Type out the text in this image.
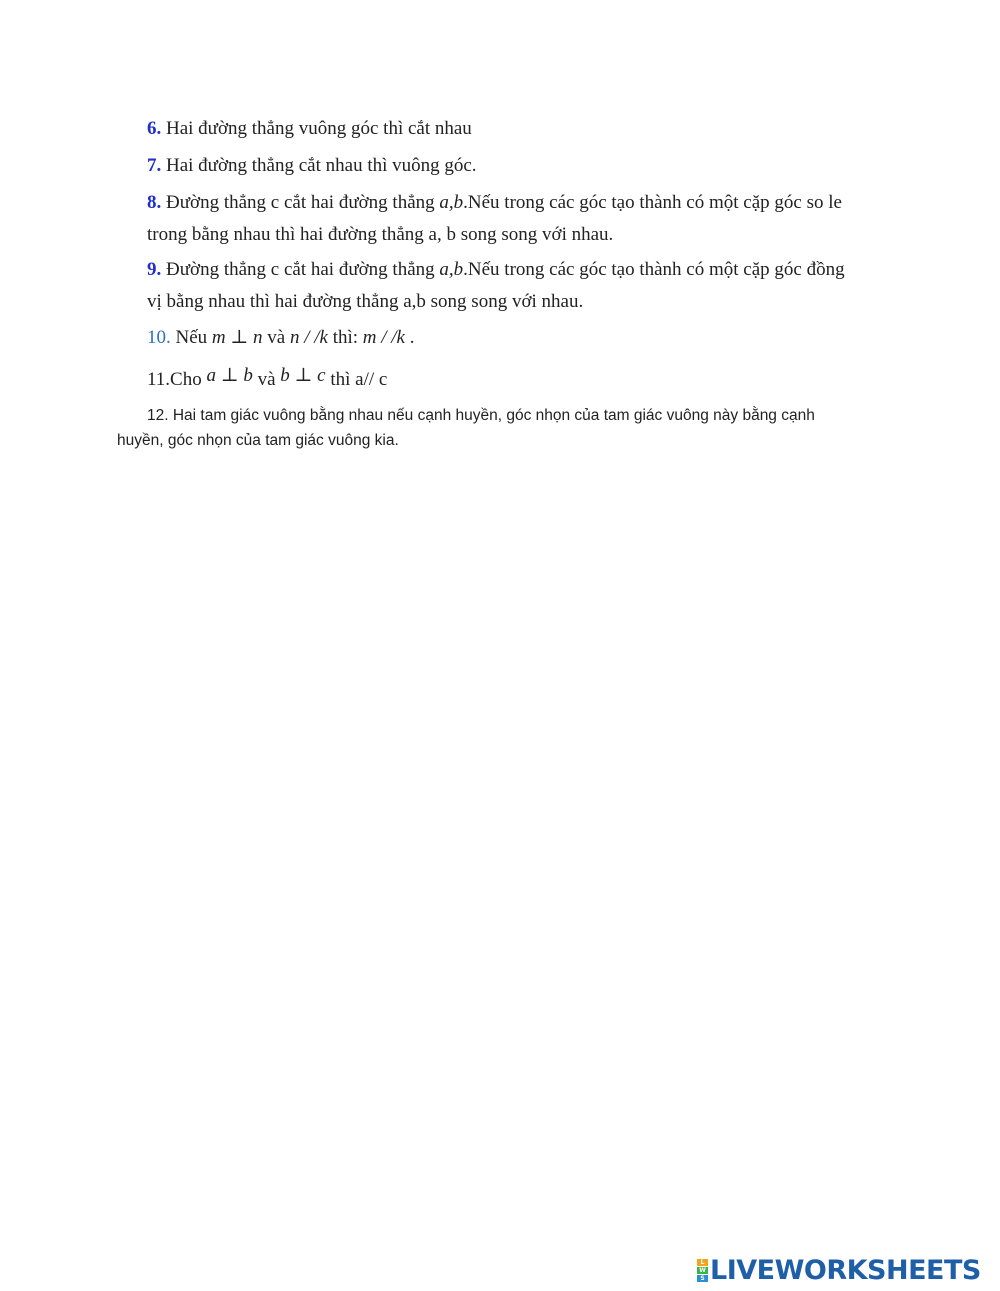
6. Hai đường thẳng vuông góc thì cắt nhau
7. Hai đường thẳng cắt nhau thì vuông góc.
8. Đường thẳng c cắt hai đường thẳng a,b.Nếu trong các góc tạo thành có một cặp góc so le
trong bằng nhau thì hai đường thẳng a, b song song với nhau.
9. Đường thẳng c cắt hai đường thẳng a,b.Nếu trong các góc tạo thành có một cặp góc đồng
vị bằng nhau thì hai đường thẳng a,b song song với nhau.
10. Nếu m ⊥ n và n / /k thì: m / /k .
11.Cho a ⊥ b và b ⊥ c thì a// c
12. Hai tam giác vuông bằng nhau nếu cạnh huyền, góc nhọn của tam giác vuông này bằng cạnh
huyền, góc nhọn của tam giác vuông kia.
L
W
S LIVEWORKSHEETS
